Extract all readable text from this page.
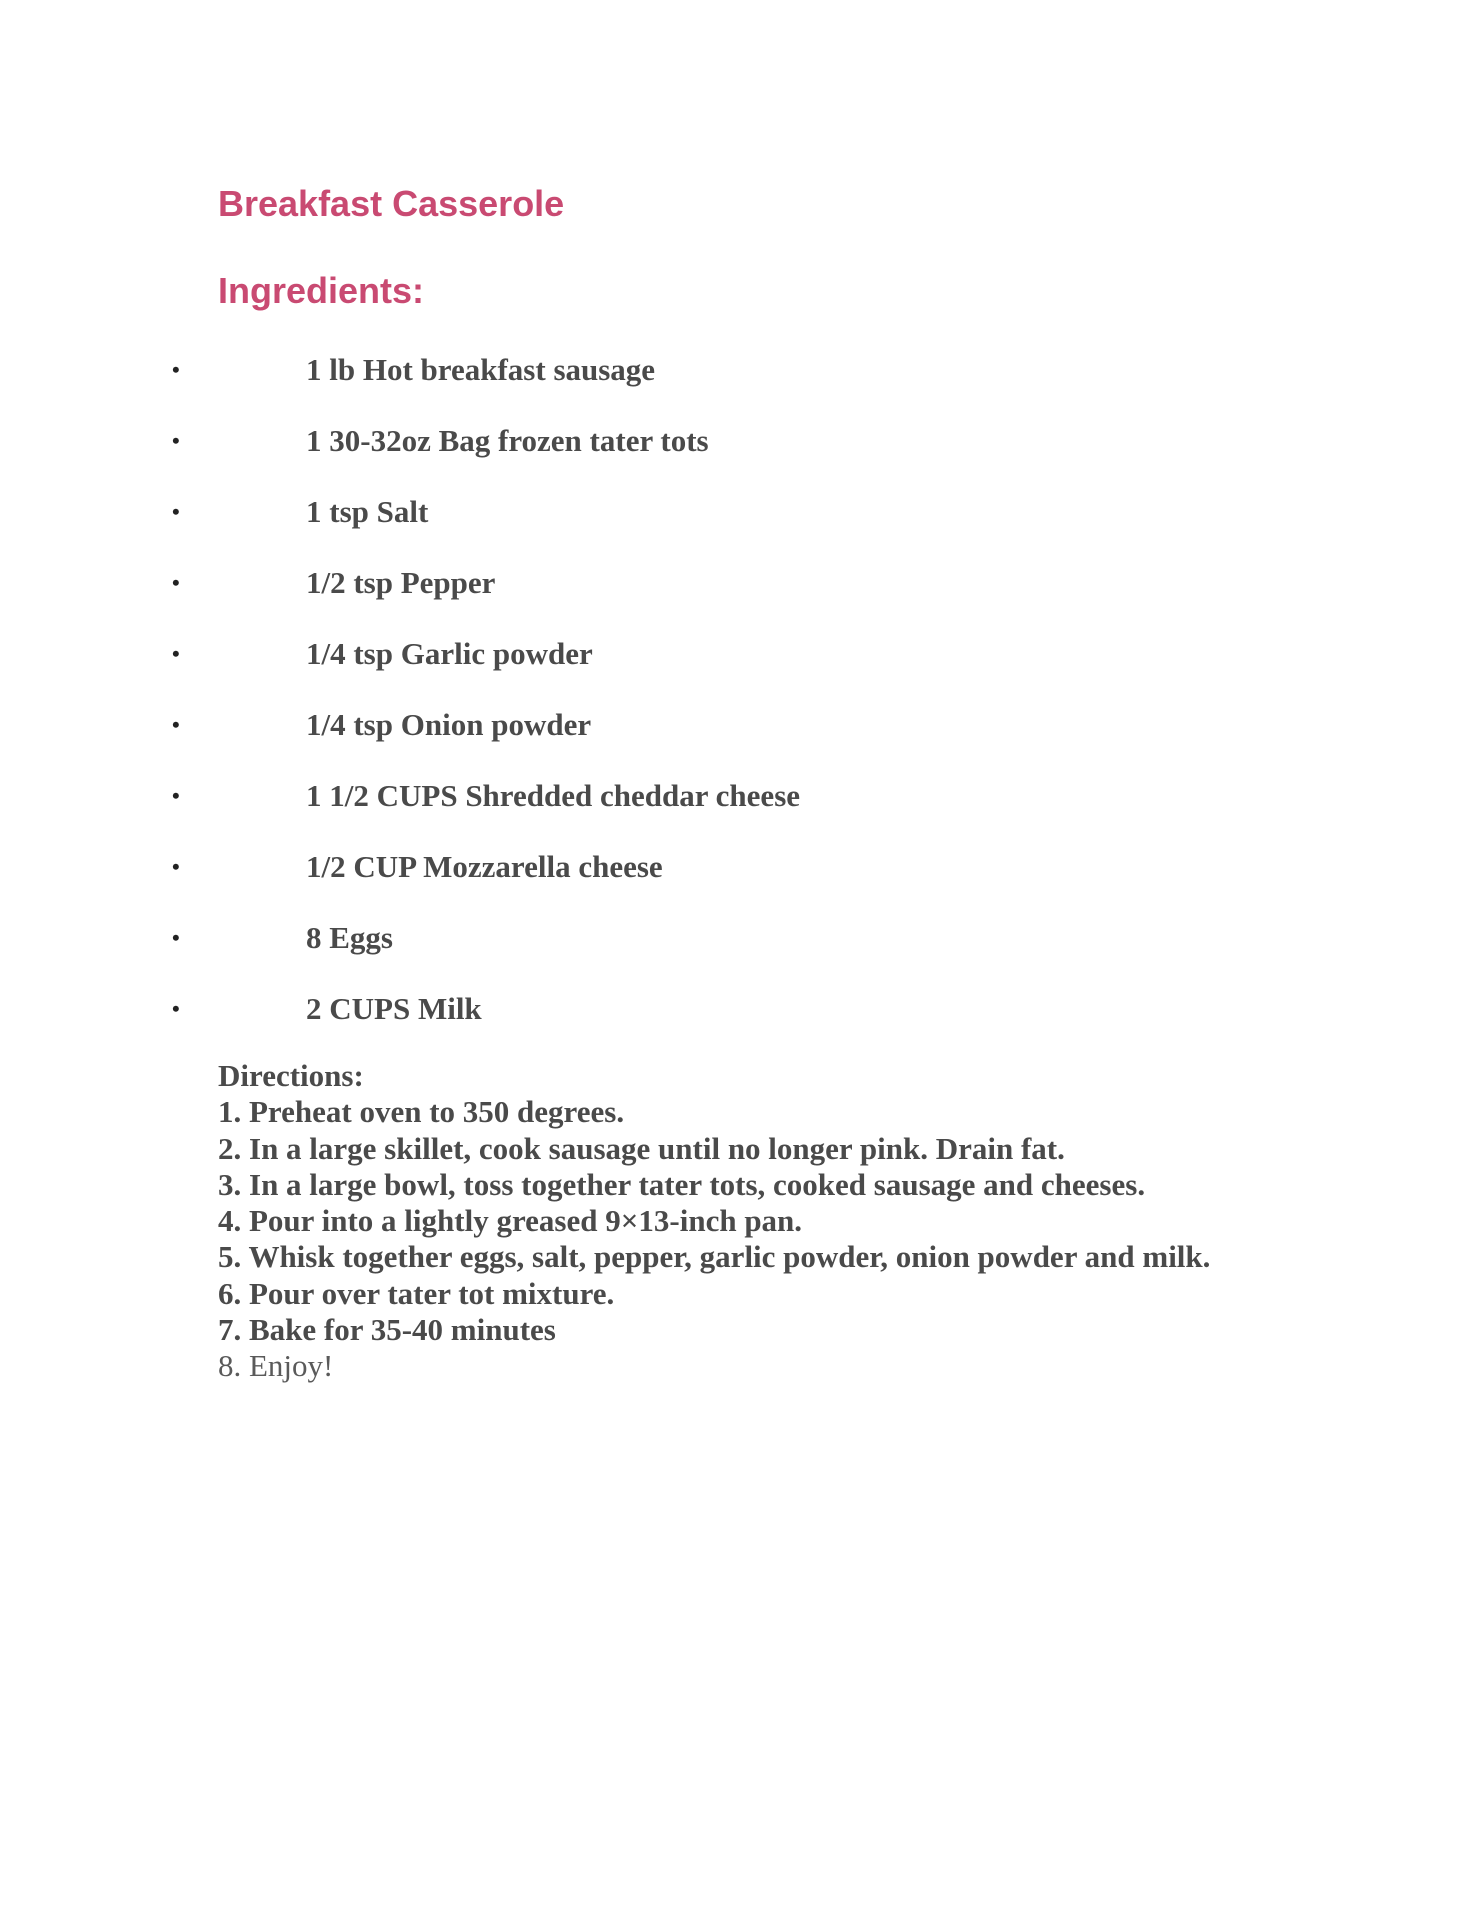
Breakfast Casserole
Ingredients:
•	1 lb Hot breakfast sausage
•	1 30-32oz Bag frozen tater tots
•	1 tsp Salt
•	1/2 tsp Pepper
•	1/4 tsp Garlic powder
•	1/4 tsp Onion powder
•	1 1/2 CUPS Shredded cheddar cheese
•	1/2 CUP Mozzarella cheese
•	8 Eggs
•	2 CUPS Milk
Directions:
1. Preheat oven to 350 degrees.
2. In a large skillet, cook sausage until no longer pink. Drain fat.
3. In a large bowl, toss together tater tots, cooked sausage and cheeses.
4. Pour into a lightly greased 9×13-inch pan.
5. Whisk together eggs, salt, pepper, garlic powder, onion powder and milk.
6. Pour over tater tot mixture.
7. Bake for 35-40 minutes
8. Enjoy!
